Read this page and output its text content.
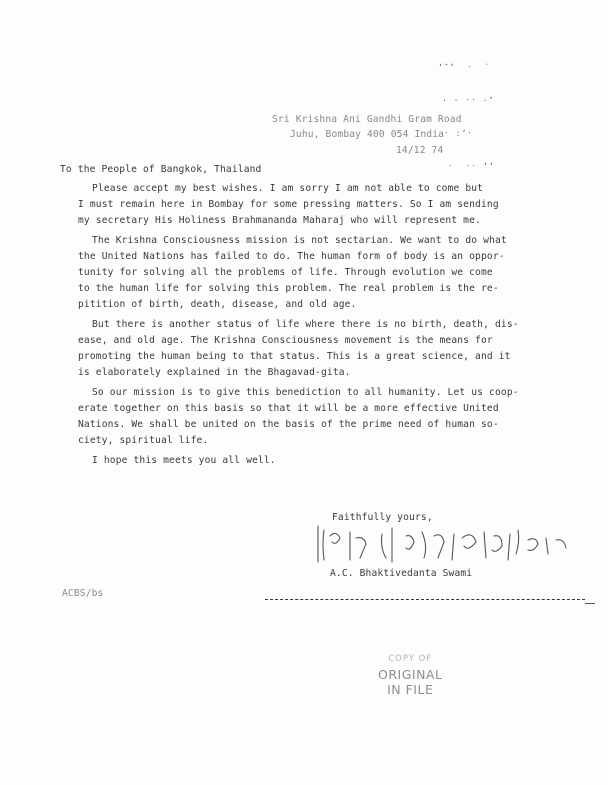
ʻ˘ʼ  ˑ  ˊ

· · ˑˑ ·ʼ

ˑ ːʼˑ

ˑ  ˑˑ ʼʼ

Sri Krishna Ani Gandhi Gram Road
Juhu, Bombay 400 054 India
14/12 74
To the People of Bangkok, Thailand

Please accept my best wishes. I am sorry I am not able to come but

I must remain here in Bombay for some pressing matters. So I am sending

my secretary His Holiness Brahmananda Maharaj who will represent me.

The Krishna Consciousness mission is not sectarian. We want to do what

the United Nations has failed to do. The human form of body is an oppor-

tunity for solving all the problems of life. Through evolution we come

to the human life for solving this problem. The real problem is the re-

pitition of birth, death, disease, and old age.

But there is another status of life where there is no birth, death, dis-

ease, and old age. The Krishna Consciousness movement is the means for

promoting the human being to that status. This is a great science, and it

is elaborately explained in the Bhagavad-gita.

So our mission is to give this benediction to all humanity. Let us coop-

erate together on this basis so that it will be a more effective United

Nations. We shall be united on the basis of the prime need of human so-

ciety, spiritual life.

I hope this meets you all well.

Faithfully yours,
A.C. Bhaktivedanta Swami
ACBS/bs
COPY OF
ORIGINAL
IN FILE
